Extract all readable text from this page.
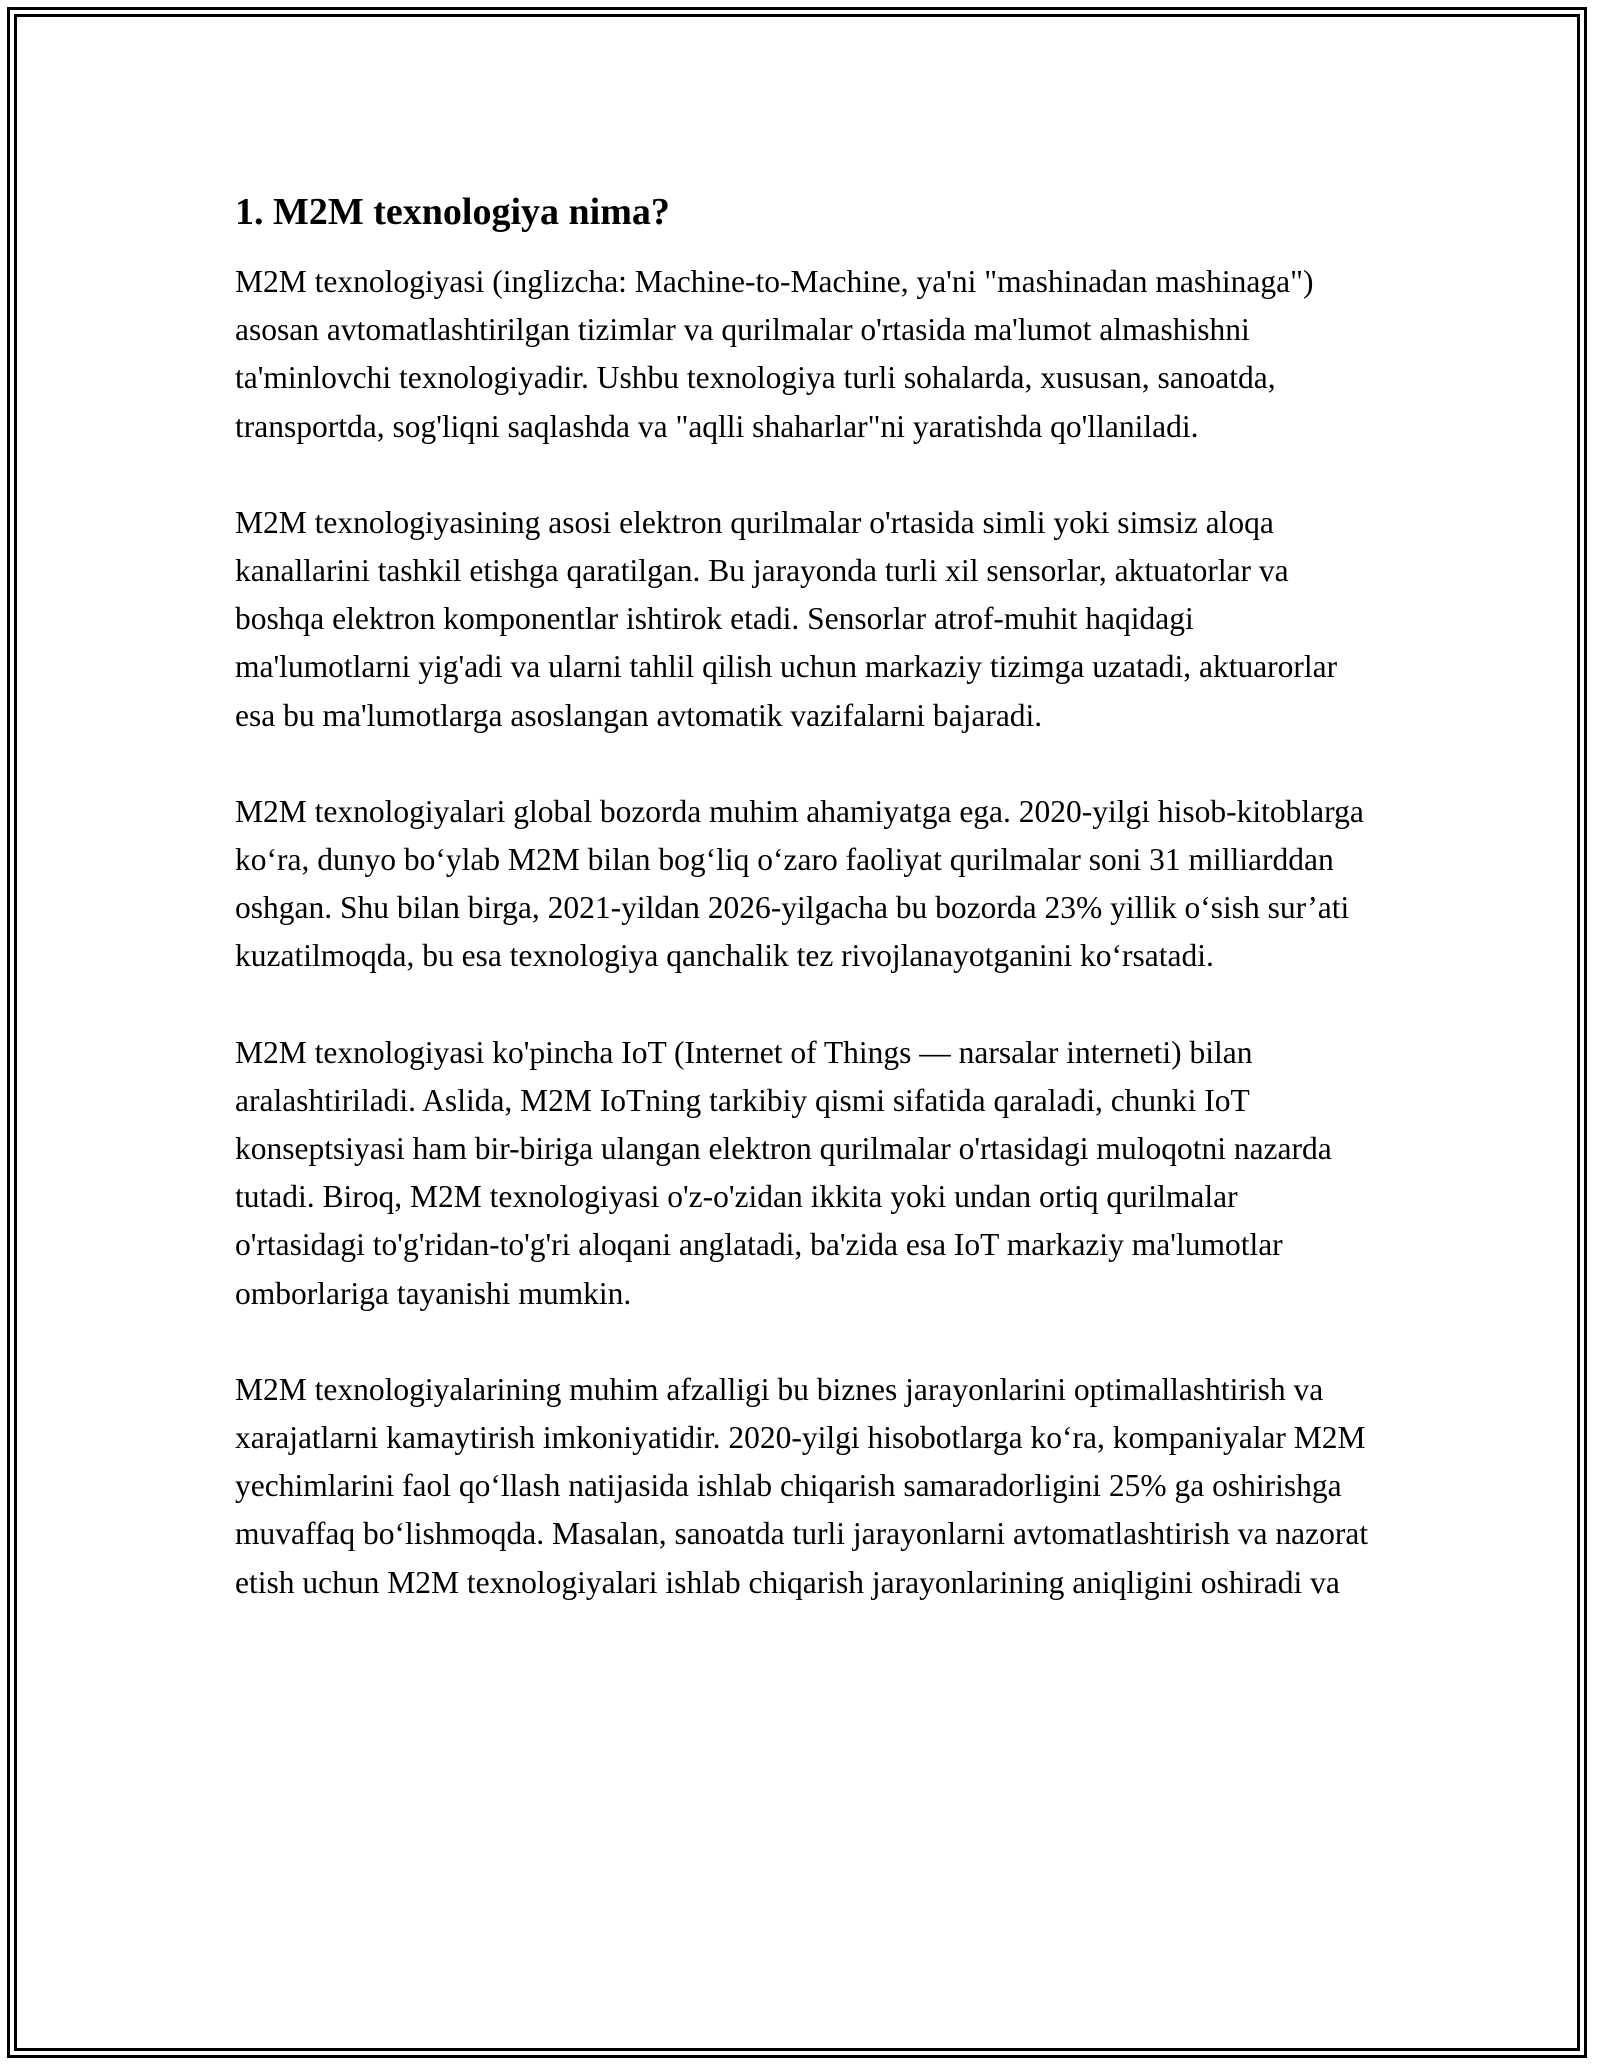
1. M2M texnologiya nima?

M2M texnologiyasi (inglizcha: Machine-to-Machine, ya'ni "mashinadan mashinaga") asosan avtomatlashtirilgan tizimlar va qurilmalar o'rtasida ma'lumot almashishni ta'minlovchi texnologiyadir. Ushbu texnologiya turli sohalarda, xususan, sanoatda, transportda, sog'liqni saqlashda va "aqlli shaharlar"ni yaratishda qo'llaniladi.

M2M texnologiyasining asosi elektron qurilmalar o'rtasida simli yoki simsiz aloqa kanallarini tashkil etishga qaratilgan. Bu jarayonda turli xil sensorlar, aktuatorlar va boshqa elektron komponentlar ishtirok etadi. Sensorlar atrof-muhit haqidagi ma'lumotlarni yig'adi va ularni tahlil qilish uchun markaziy tizimga uzatadi, aktuarorlar esa bu ma'lumotlarga asoslangan avtomatik vazifalarni bajaradi.

M2M texnologiyalari global bozorda muhim ahamiyatga ega. 2020-yilgi hisob-kitoblarga ko‘ra, dunyo bo‘ylab M2M bilan bog‘liq o‘zaro faoliyat qurilmalar soni 31 milliarddan oshgan. Shu bilan birga, 2021-yildan 2026-yilgacha bu bozorda 23% yillik o‘sish sur’ati kuzatilmoqda, bu esa texnologiya qanchalik tez rivojlanayotganini ko‘rsatadi.

M2M texnologiyasi ko'pincha IoT (Internet of Things — narsalar interneti) bilan aralashtiriladi. Aslida, M2M IoTning tarkibiy qismi sifatida qaraladi, chunki IoT konseptsiyasi ham bir-biriga ulangan elektron qurilmalar o'rtasidagi muloqotni nazarda tutadi. Biroq, M2M texnologiyasi o'z-o'zidan ikkita yoki undan ortiq qurilmalar o'rtasidagi to'g'ridan-to'g'ri aloqani anglatadi, ba'zida esa IoT markaziy ma'lumotlar omborlariga tayanishi mumkin.

M2M texnologiyalarining muhim afzalligi bu biznes jarayonlarini optimallashtirish va xarajatlarni kamaytirish imkoniyatidir. 2020-yilgi hisobotlarga ko‘ra, kompaniyalar M2M yechimlarini faol qo‘llash natijasida ishlab chiqarish samaradorligini 25% ga oshirishga muvaffaq bo‘lishmoqda. Masalan, sanoatda turli jarayonlarni avtomatlashtirish va nazorat etish uchun M2M texnologiyalari ishlab chiqarish jarayonlarining aniqligini oshiradi va
